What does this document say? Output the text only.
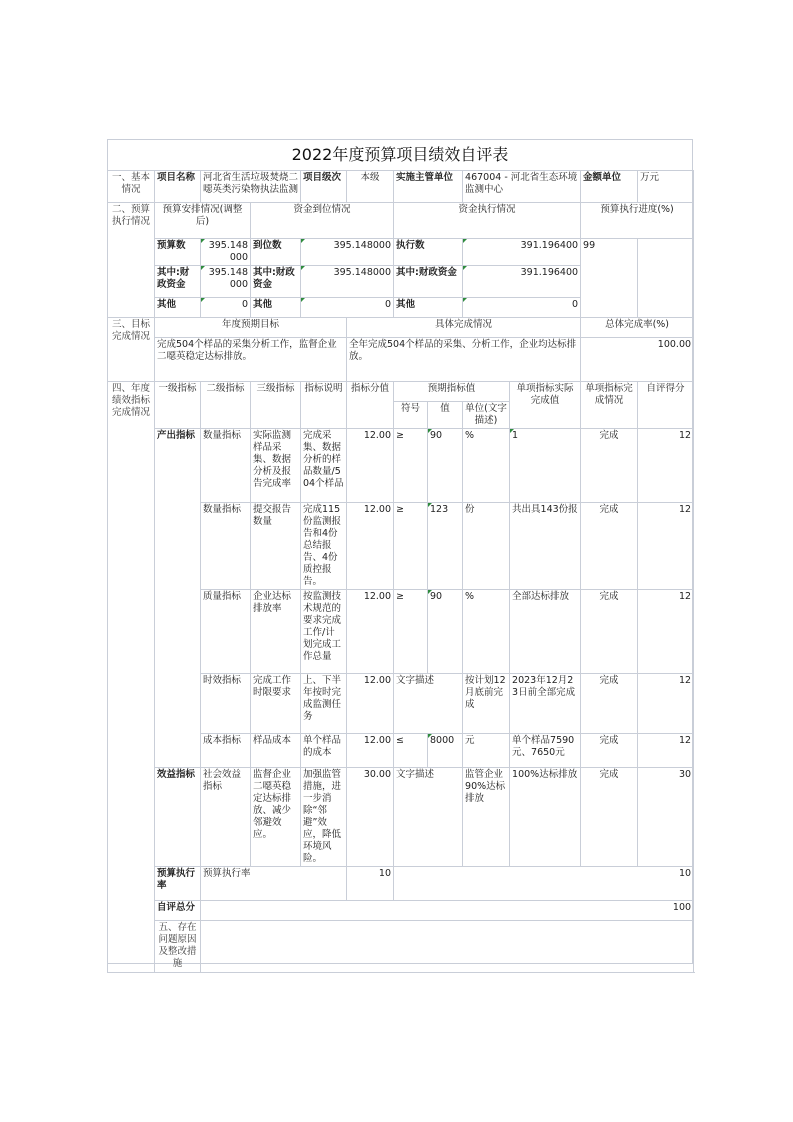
2022年度预算项目绩效自评表
一、基本情况	项目名称	河北省生活垃圾焚烧二噁英类污染物执法监测		项目级次	本级	实施主管单位		467004 - 河北省生态环境监测中心		金额单位	万元
二、预算执行情况	预算安排情况(调整后)		资金到位情况			资金执行情况				预算执行进度(%)	
	预算数	395.148000	到位数	395.148000		执行数		391.196400		99	
	其中:财政资金	395.148000	其中:财政资金	395.148000		其中:财政资金		391.196400			
	其他	0	其他	0		其他		0			
三、目标完成情况	年度预期目标				具体完成情况					总体完成率(%)	
	完成504个样品的采集分析工作，监督企业二噁英稳定达标排放。				全年完成504个样品的采集、分析工作，企业均达标排放。					100.00	
四、年度绩效指标完成情况	一级指标	二级指标	三级指标	指标说明	指标分值	预期指标值			单项指标实际完成值	单项指标完成情况	自评得分
						符号	值	单位(文字描述)			
	产出指标	数量指标	实际监测样品采集、数据分析及报告完成率	完成采集、数据分析的样品数量/504个样品	12.00	≥	90	%	1	完成	12
		数量指标	提交报告数量	完成115份监测报告和4份总结报告、4份质控报告。	12.00	≥	123	份	共出具143份报	完成	12
		质量指标	企业达标排放率	按监测技术规范的要求完成工作/计划完成工作总量	12.00	≥	90	%	全部达标排放	完成	12
		时效指标	完成工作时限要求	上、下半年按时完成监测任务	12.00	文字描述		按计划12月底前完成	2023年12月23日前全部完成	完成	12
		成本指标	样品成本	单个样品的成本	12.00	≤	8000	元	单个样品7590元、7650元	完成	12
	效益指标	社会效益指标	监督企业二噁英稳定达标排放、减少邻避效应。	加强监管措施，进一步消除“邻避”效应，降低环境风险。	30.00	文字描述		监管企业90%达标排放	100%达标排放	完成	30
	预算执行率	预算执行率			10	10					
	自评总分	100									
	五、存在问题原因及整改措施										
